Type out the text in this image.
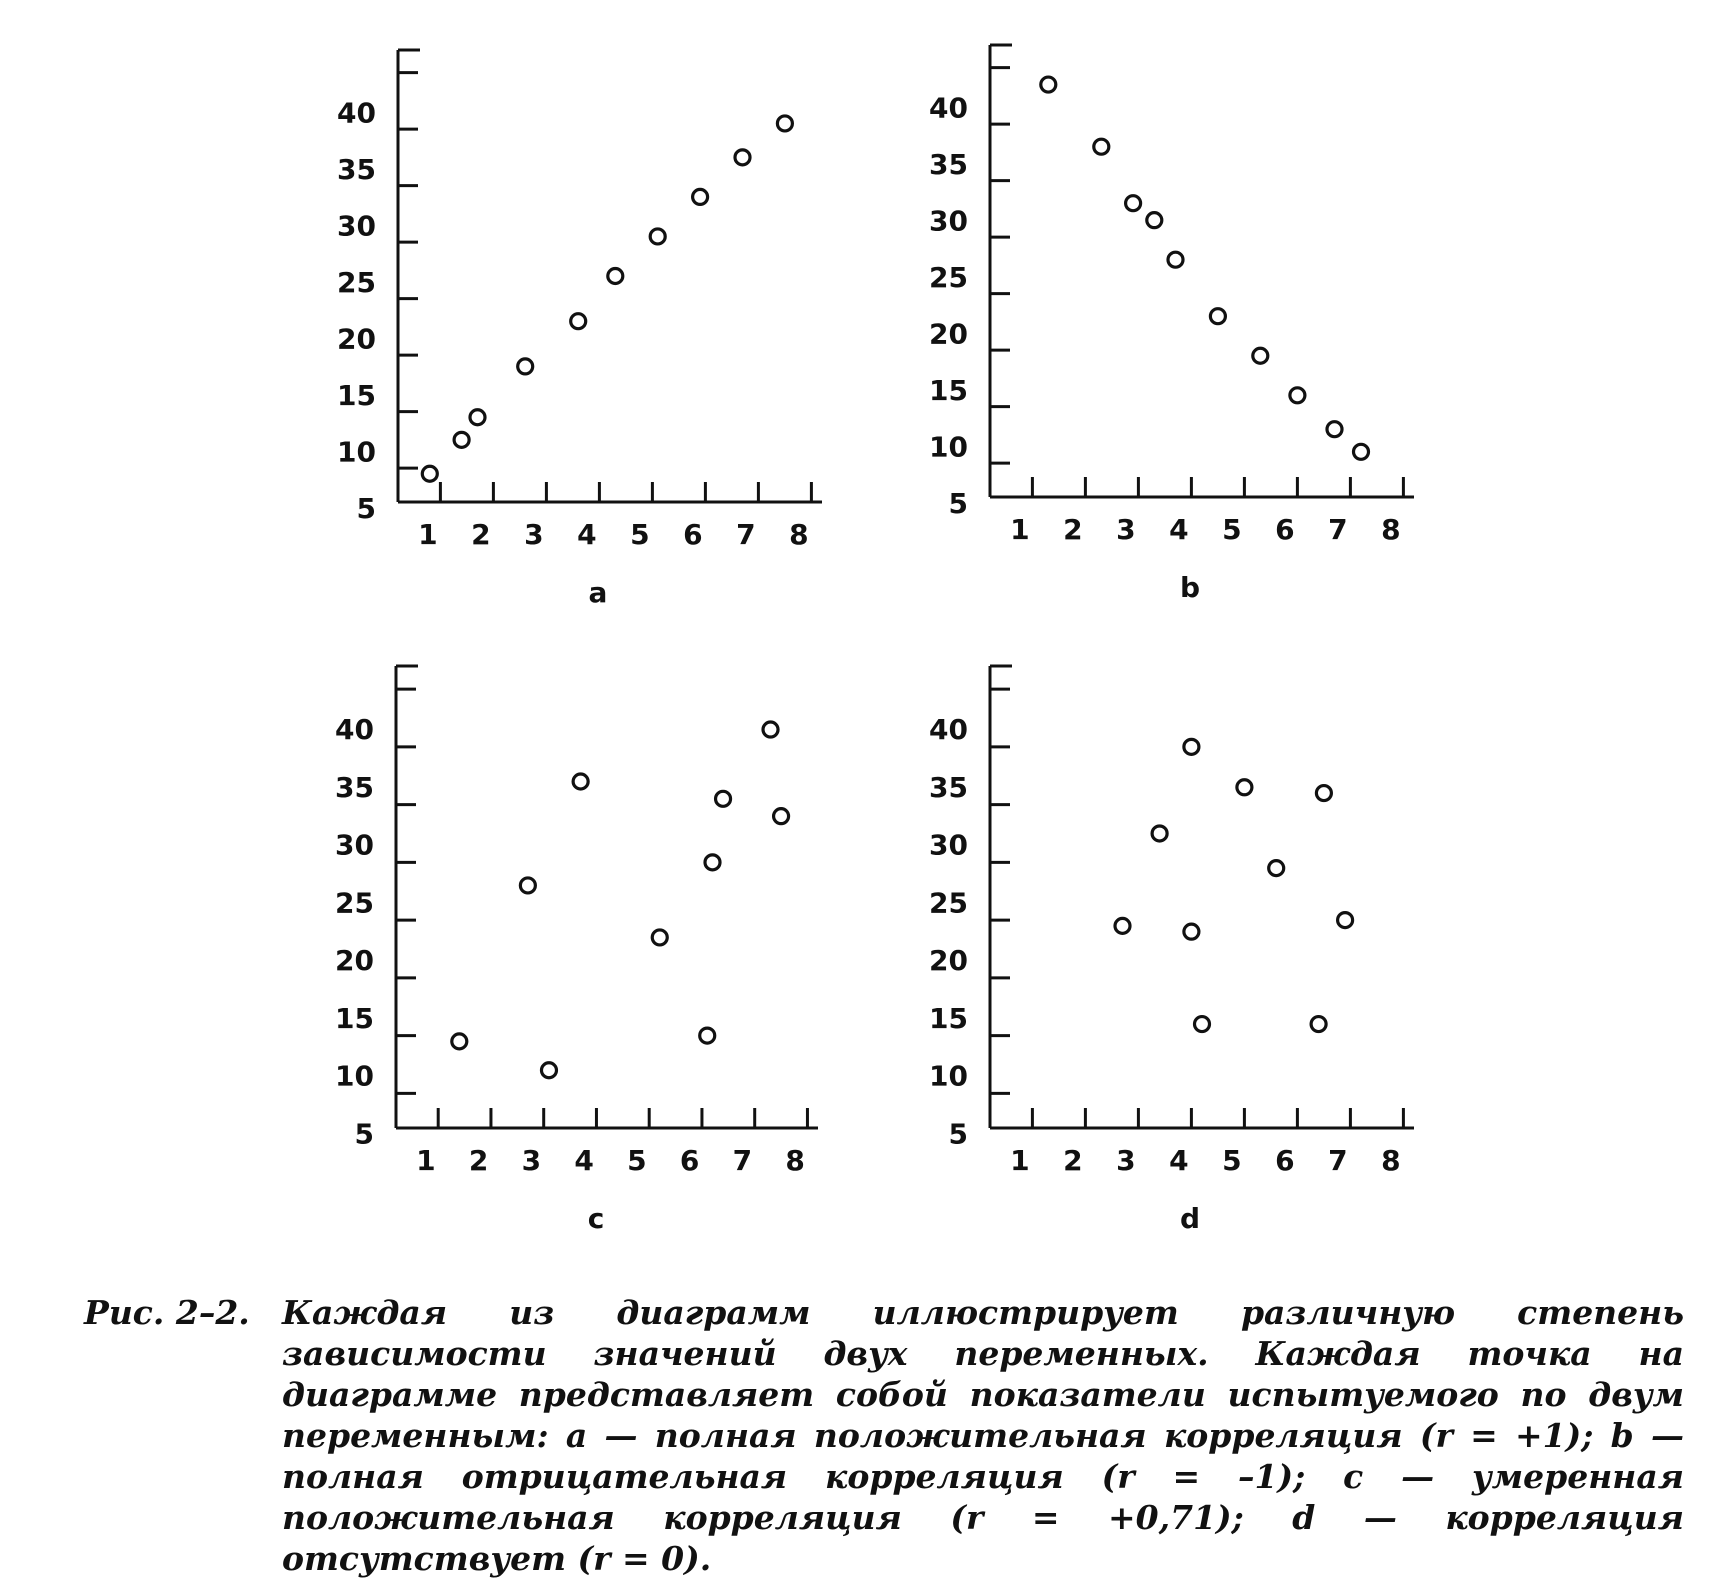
5
10
15
20
25
30
35
40
1 2 3 4 5 6 7 8
a
5
10
15
20
25
30
35
40
1 2 3 4 5 6 7 8
b
5
10
15
20
25
30
35
40
1 2 3 4 5 6 7 8
c
5
10
15
20
25
30
35
40
1 2 3 4 5 6 7 8
d
Рис. 2–2. Каждая из диаграмм иллюстрирует различную степень зависимости значений двух переменных. Каждая точка на диаграмме представляет собой показатели испытуемого по двум переменным: a — полная положительная корреляция (r = +1); b — полная отрицательная корреляция (r = –1); c — умеренная положительная корреляция (r = +0,71); d — корреляция отсутствует (r = 0).
